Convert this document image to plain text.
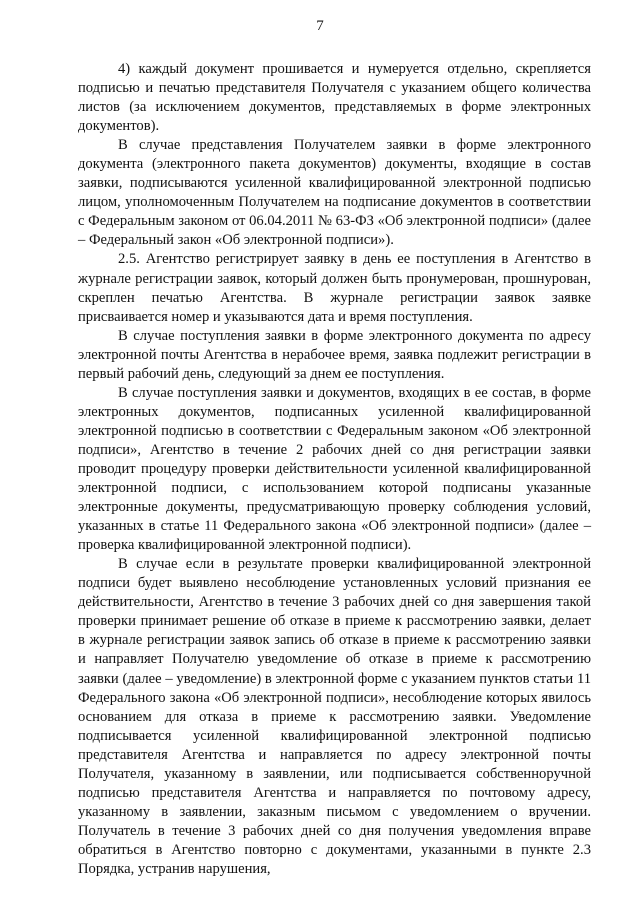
7

4) каждый документ прошивается и нумеруется отдельно, скрепляется подписью и печатью представителя Получателя с указанием общего количества листов (за исключением документов, представляемых в форме электронных документов).

В случае представления Получателем заявки в форме электронного документа (электронного пакета документов) документы, входящие в состав заявки, подписываются усиленной квалифицированной электронной подписью лицом, уполномоченным Получателем на подписание документов в соответствии с Федеральным законом от 06.04.2011 № 63-ФЗ «Об электронной подписи» (далее – Федеральный закон «Об электронной подписи»).

2.5. Агентство регистрирует заявку в день ее поступления в Агентство в журнале регистрации заявок, который должен быть пронумерован, прошнурован, скреплен печатью Агентства. В журнале регистрации заявок заявке присваивается номер и указываются дата и время поступления.

В случае поступления заявки в форме электронного документа по адресу электронной почты Агентства в нерабочее время, заявка подлежит регистрации в первый рабочий день, следующий за днем ее поступления.

В случае поступления заявки и документов, входящих в ее состав, в форме электронных документов, подписанных усиленной квалифицированной электронной подписью в соответствии с Федеральным законом «Об электронной подписи», Агентство в течение 2 рабочих дней со дня регистрации заявки проводит процедуру проверки действительности усиленной квалифицированной электронной подписи, с использованием которой подписаны указанные электронные документы, предусматривающую проверку соблюдения условий, указанных в статье 11 Федерального закона «Об электронной подписи» (далее – проверка квалифицированной электронной подписи).

В случае если в результате проверки квалифицированной электронной подписи будет выявлено несоблюдение установленных условий признания ее действительности, Агентство в течение 3 рабочих дней со дня завершения такой проверки принимает решение об отказе в приеме к рассмотрению заявки, делает в журнале регистрации заявок запись об отказе в приеме к рассмотрению заявки и направляет Получателю уведомление об отказе в приеме к рассмотрению заявки (далее – уведомление) в электронной форме с указанием пунктов статьи 11 Федерального закона «Об электронной подписи», несоблюдение которых явилось основанием для отказа в приеме к рассмотрению заявки. Уведомление подписывается усиленной квалифицированной электронной подписью представителя Агентства и направляется по адресу электронной почты Получателя, указанному в заявлении, или подписывается собственноручной подписью представителя Агентства и направляется по почтовому адресу, указанному в заявлении, заказным письмом с уведомлением о вручении. Получатель в течение 3 рабочих дней со дня получения уведомления вправе обратиться в Агентство повторно с документами, указанными в пункте 2.3 Порядка, устранив нарушения,
